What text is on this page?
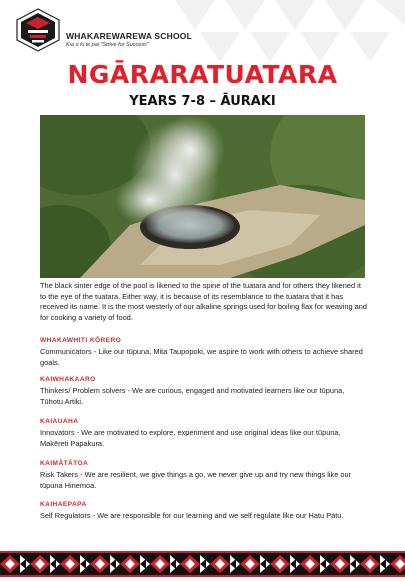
WHAKAREWAREWA SCHOOL
Kia u ki te pai "Strive for Success"
NGĀRARATUATARA
YEARS 7-8 – ĀURAKI
The black sinter edge of the pool is likened to the spine of the tuatara and for others they likened it to the eye of the tuatara. Either way, it is because of its resemblance to the tuatara that it has received its name. It is the most westerly of our alkaline springs used for boiling flax for weaving and for cooking a variety of food.
WHAKAWHITI KŌRERO
Communicators - Like our tūpuna, Mita Taupopoki, we aspire to work with others to achieve shared goals.
KAIWHAKAARO
Thinkers/ Problem solvers - We are curious, engaged and motivated learners like our tūpuna, Tūhotu Artiki.
KAIAUAHA
Innovators - We are motivated to explore, experiment and use original ideas like our tūpuna, Makēreti Papakura.
KAIMĀTĀTOA
Risk Takers - We are resilient, we give things a go, we never give up and try new things like our tūpuna Hinemoa.
KAIHAEPAPA
Self Regulators - We are responsible for our learning and we self regulate like our Hatu Patu.
